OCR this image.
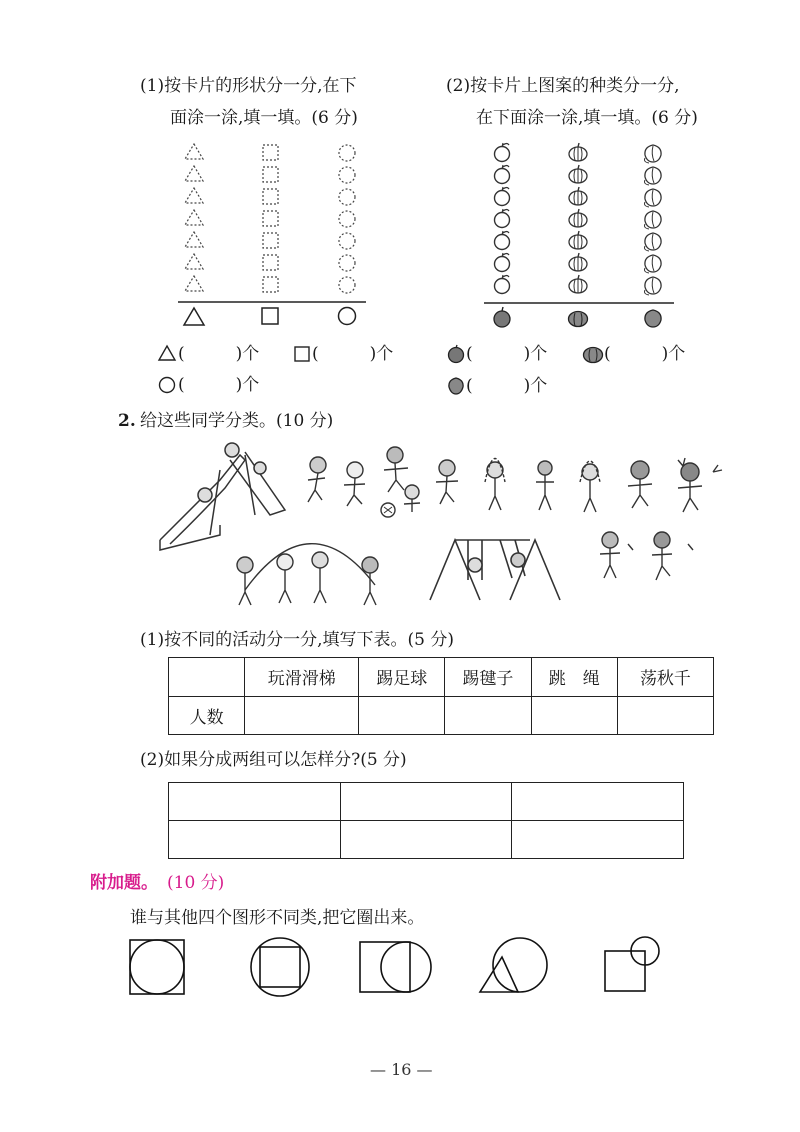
(1)按卡片的形状分一分,在下
面涂一涂,填一填。(6 分)
(　　　)个	(　　　)个
(　　　)个
(2)按卡片上图案的种类分一分,
在下面涂一涂,填一填。(6 分)
(　　　)个	(　　　)个
(　　　)个
2. 给这些同学分类。(10 分)
(1)按不同的活动分一分,填写下表。(5 分)
	玩滑滑梯	踢足球	踢毽子	跳　绳	荡秋千
人数					
(2)如果分成两组可以怎样分?(5 分)

附加题。 (10 分)
谁与其他四个图形不同类,把它圈出来。
— 16 —
